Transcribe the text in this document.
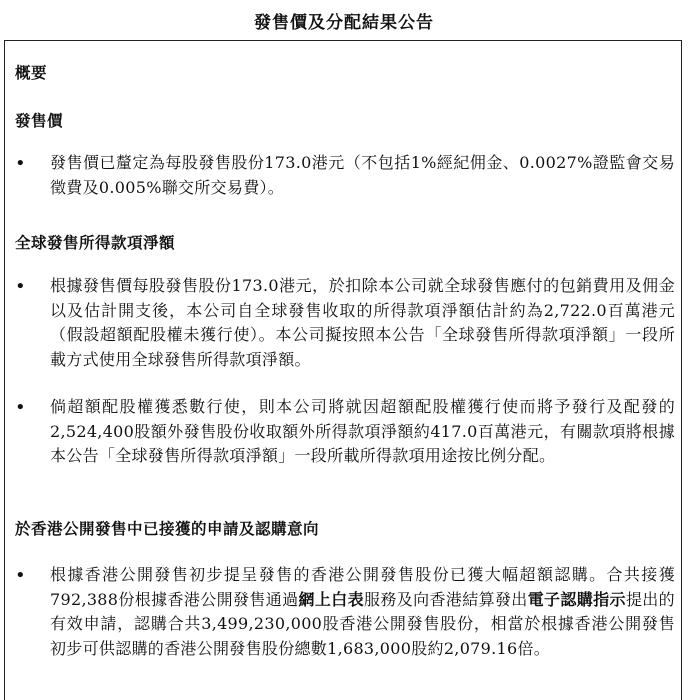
發售價及分配結果公告
概要
發售價
• 發售價已釐定為每股發售股份173.0港元（不包括1%經紀佣金、0.0027%證監會交易徵費及0.005%聯交所交易費）。
全球發售所得款項淨額
• 根據發售價每股發售股份173.0港元，於扣除本公司就全球發售應付的包銷費用及佣金以及估計開支後，本公司自全球發售收取的所得款項淨額估計約為2,722.0百萬港元（假設超額配股權未獲行使）。本公司擬按照本公告「全球發售所得款項淨額」一段所載方式使用全球發售所得款項淨額。
• 倘超額配股權獲悉數行使，則本公司將就因超額配股權獲行使而將予發行及配發的2,524,400股額外發售股份收取額外所得款項淨額約417.0百萬港元，有關款項將根據本公告「全球發售所得款項淨額」一段所載所得款項用途按比例分配。
於香港公開發售中已接獲的申請及認購意向
• 根據香港公開發售初步提呈發售的香港公開發售股份已獲大幅超額認購。合共接獲792,388份根據香港公開發售通過網上白表服務及向香港結算發出電子認購指示提出的有效申請，認購合共3,499,230,000股香港公開發售股份，相當於根據香港公開發售初步可供認購的香港公開發售股份總數1,683,000股約2,079.16倍。
